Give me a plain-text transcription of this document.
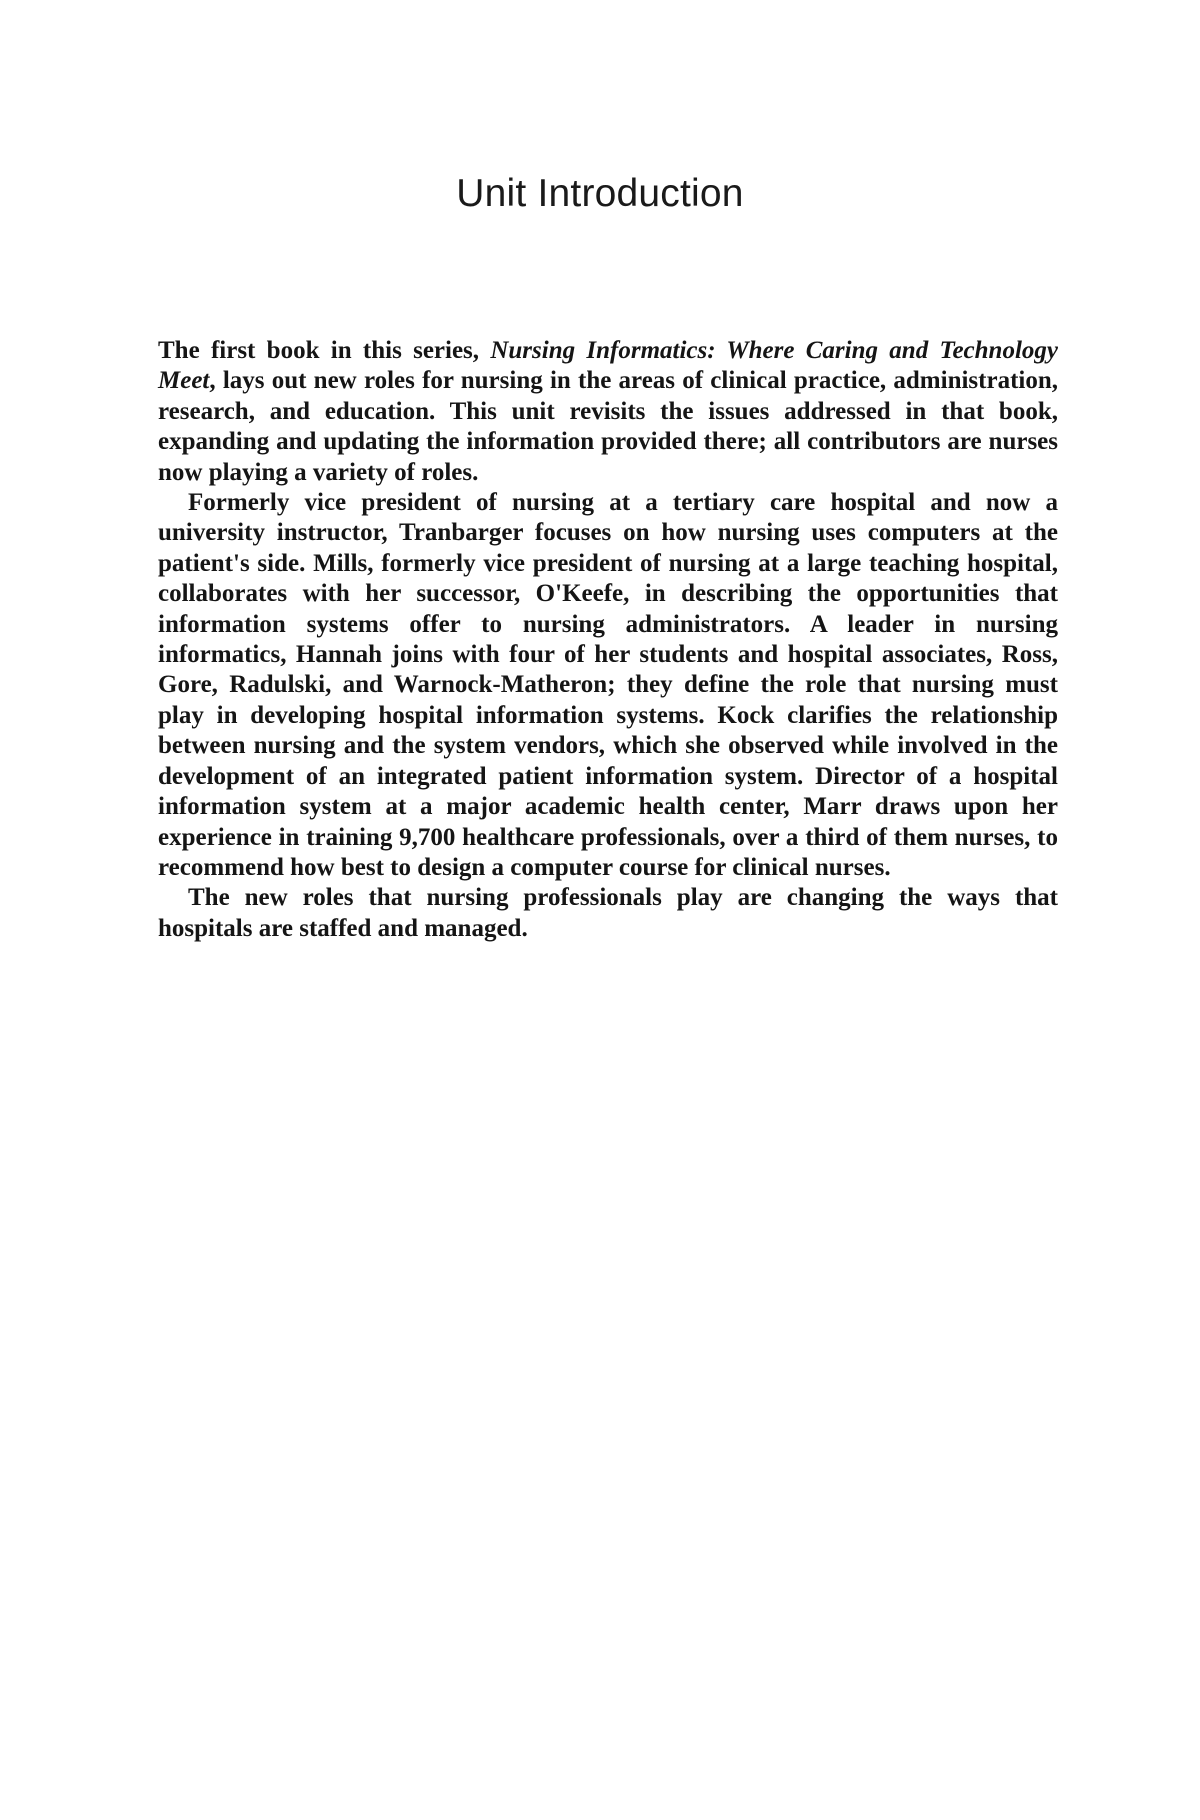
Unit Introduction

The first book in this series, Nursing Informatics: Where Caring and Technology Meet, lays out new roles for nursing in the areas of clinical practice, administration, research, and education. This unit revisits the issues addressed in that book, expanding and updating the information provided there; all contributors are nurses now playing a variety of roles.

Formerly vice president of nursing at a tertiary care hospital and now a university instructor, Tranbarger focuses on how nursing uses computers at the patient's side. Mills, formerly vice president of nursing at a large teaching hospital, collaborates with her successor, O'Keefe, in describing the opportunities that information systems offer to nursing administrators. A leader in nursing informatics, Hannah joins with four of her students and hospital associates, Ross, Gore, Radulski, and Warnock-Matheron; they define the role that nursing must play in developing hospital information systems. Kock clarifies the relationship between nursing and the system vendors, which she observed while involved in the development of an integrated patient information system. Director of a hospital information system at a major academic health center, Marr draws upon her experience in training 9,700 healthcare professionals, over a third of them nurses, to recommend how best to design a computer course for clinical nurses.

The new roles that nursing professionals play are changing the ways that hospitals are staffed and managed.
